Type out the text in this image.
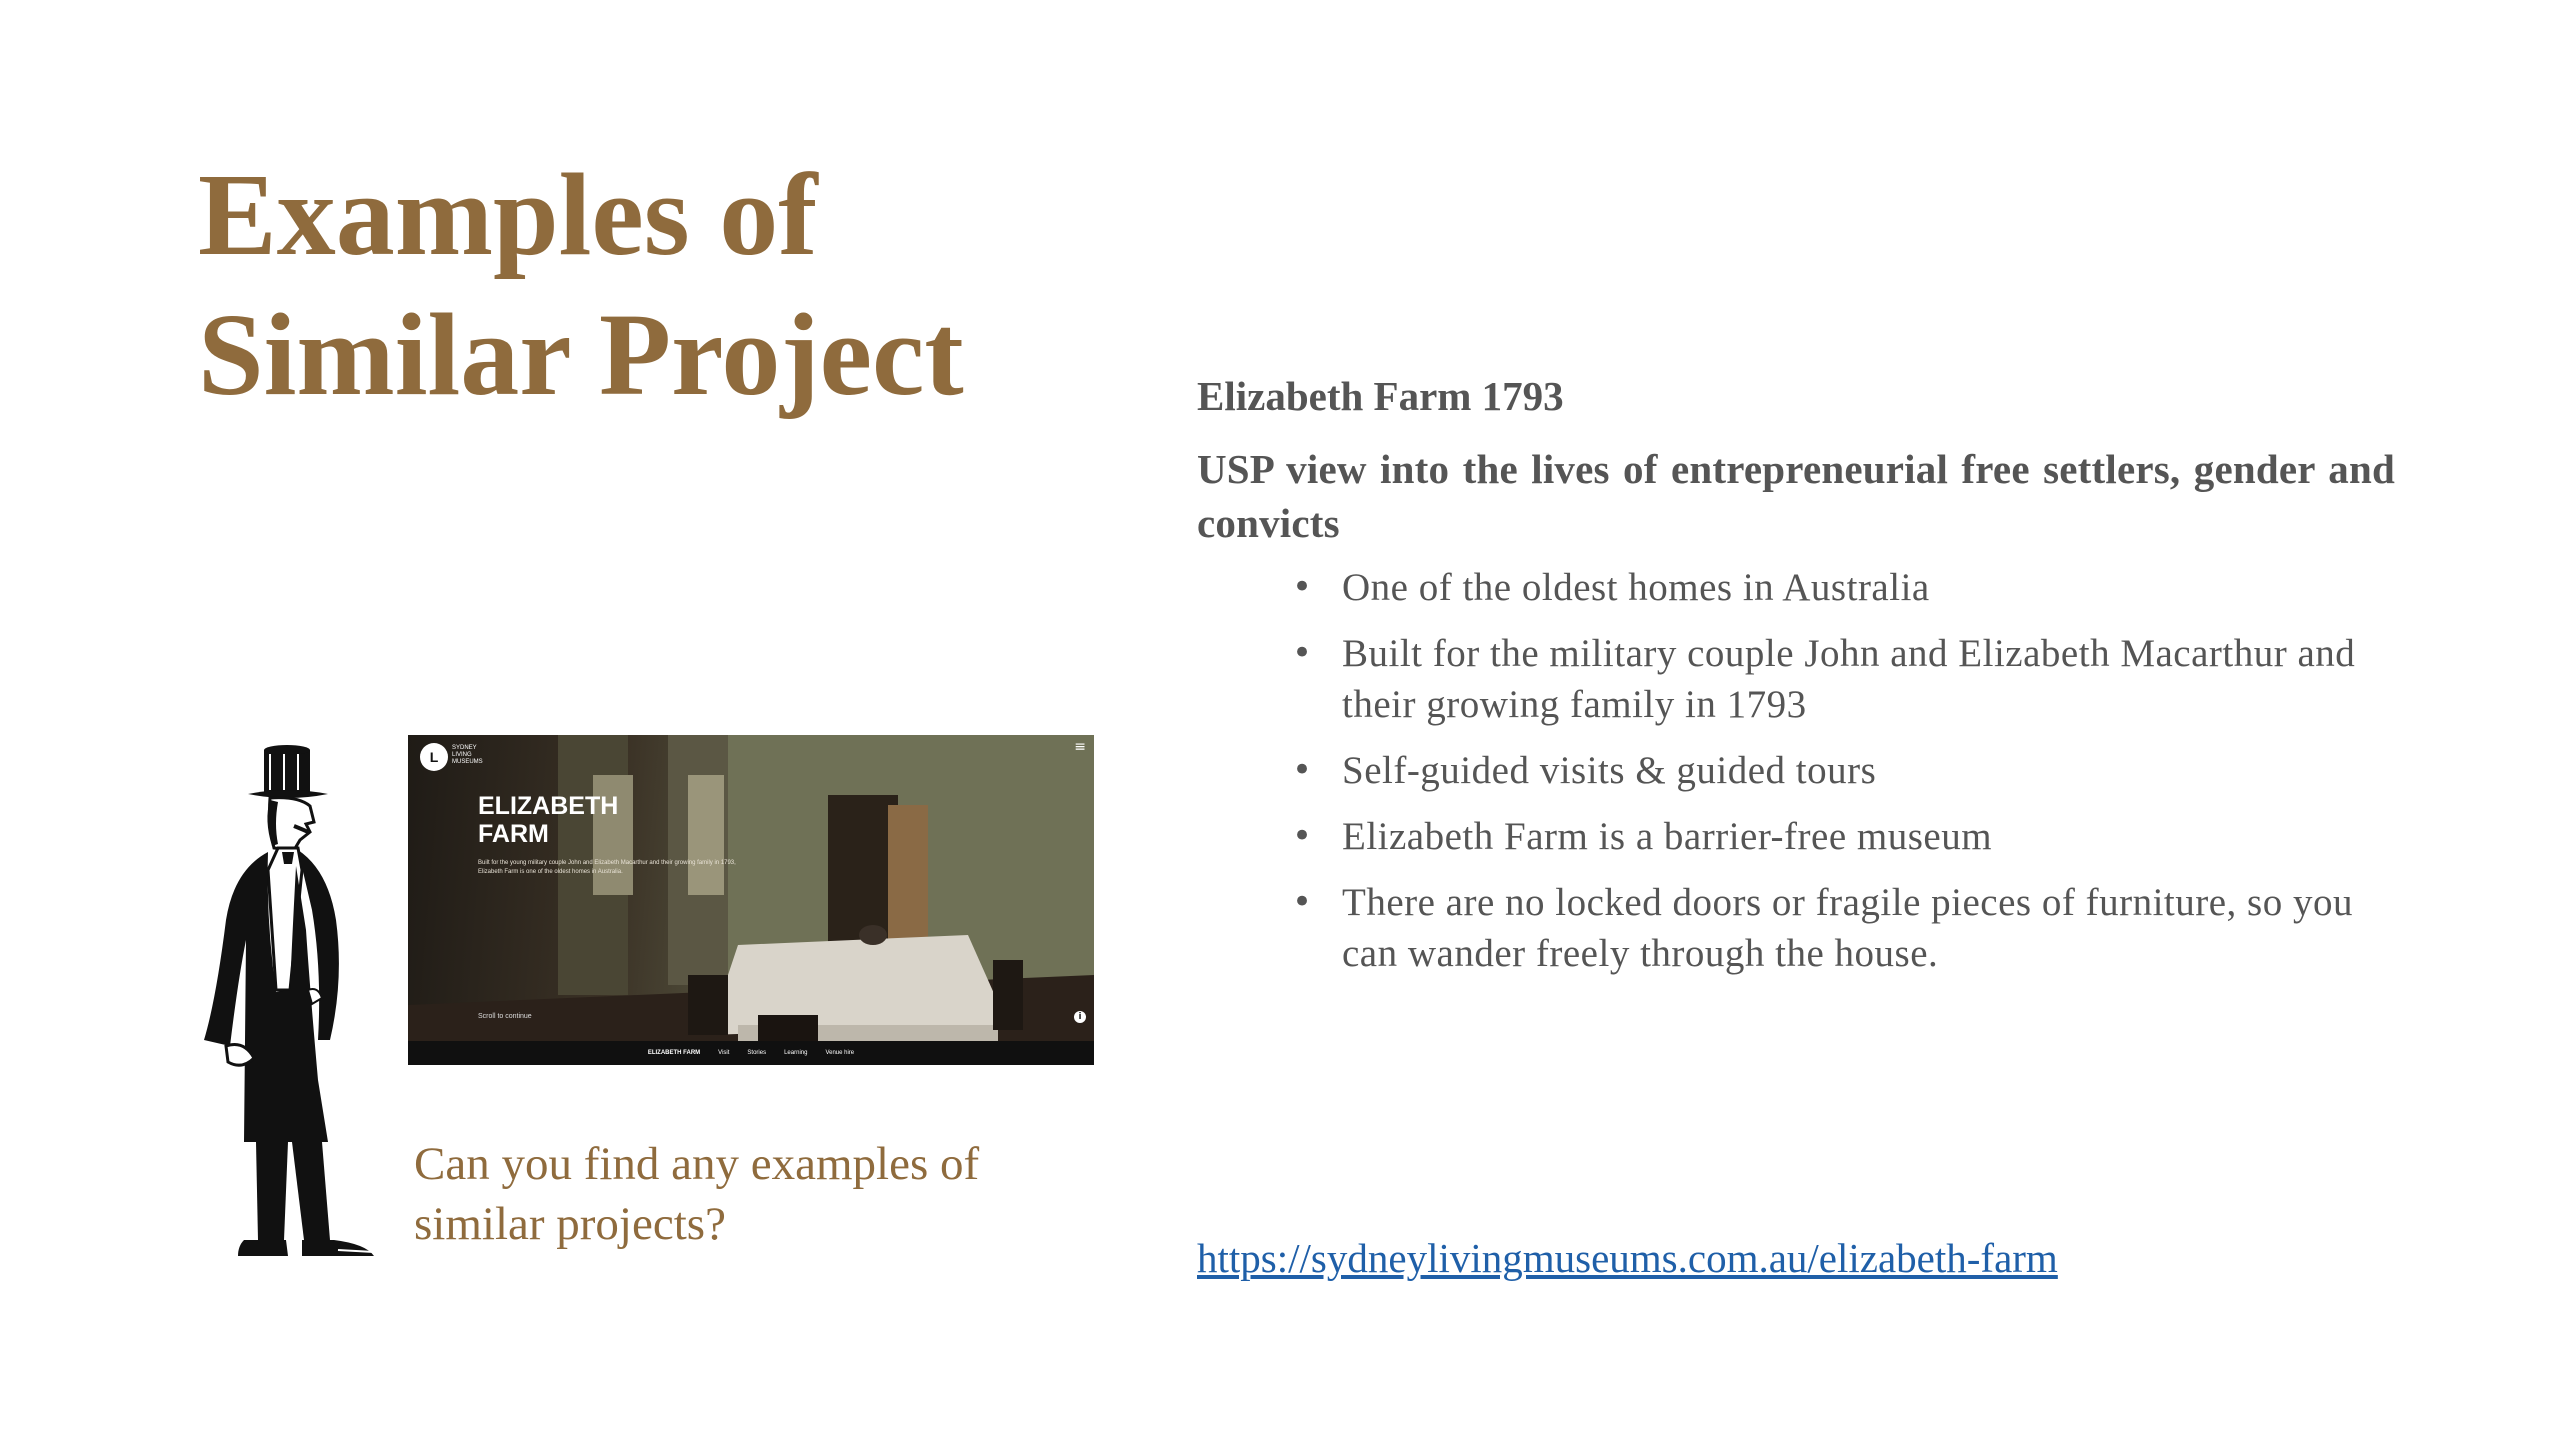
Examples of
Similar Project
L
SYDNEY
LIVING
MUSEUMS
≡
ELIZABETH
FARM
Built for the young military couple John and Elizabeth Macarthur and their growing family in 1793, Elizabeth Farm is one of the oldest homes in Australia.
Scroll to continue	i
ELIZABETH FARM	Visit	Stories	Learning	Venue hire

Can you find any examples of
similar projects?

Elizabeth Farm 1793

USP view into the lives of entrepreneurial free settlers, gender and convicts

• One of the oldest homes in Australia
• Built for the military couple John and Elizabeth Macarthur and their growing family in 1793
• Self-guided visits & guided tours
• Elizabeth Farm is a barrier-free museum
• There are no locked doors or fragile pieces of furniture, so you can wander freely through the house.
https://sydneylivingmuseums.com.au/elizabeth-farm
